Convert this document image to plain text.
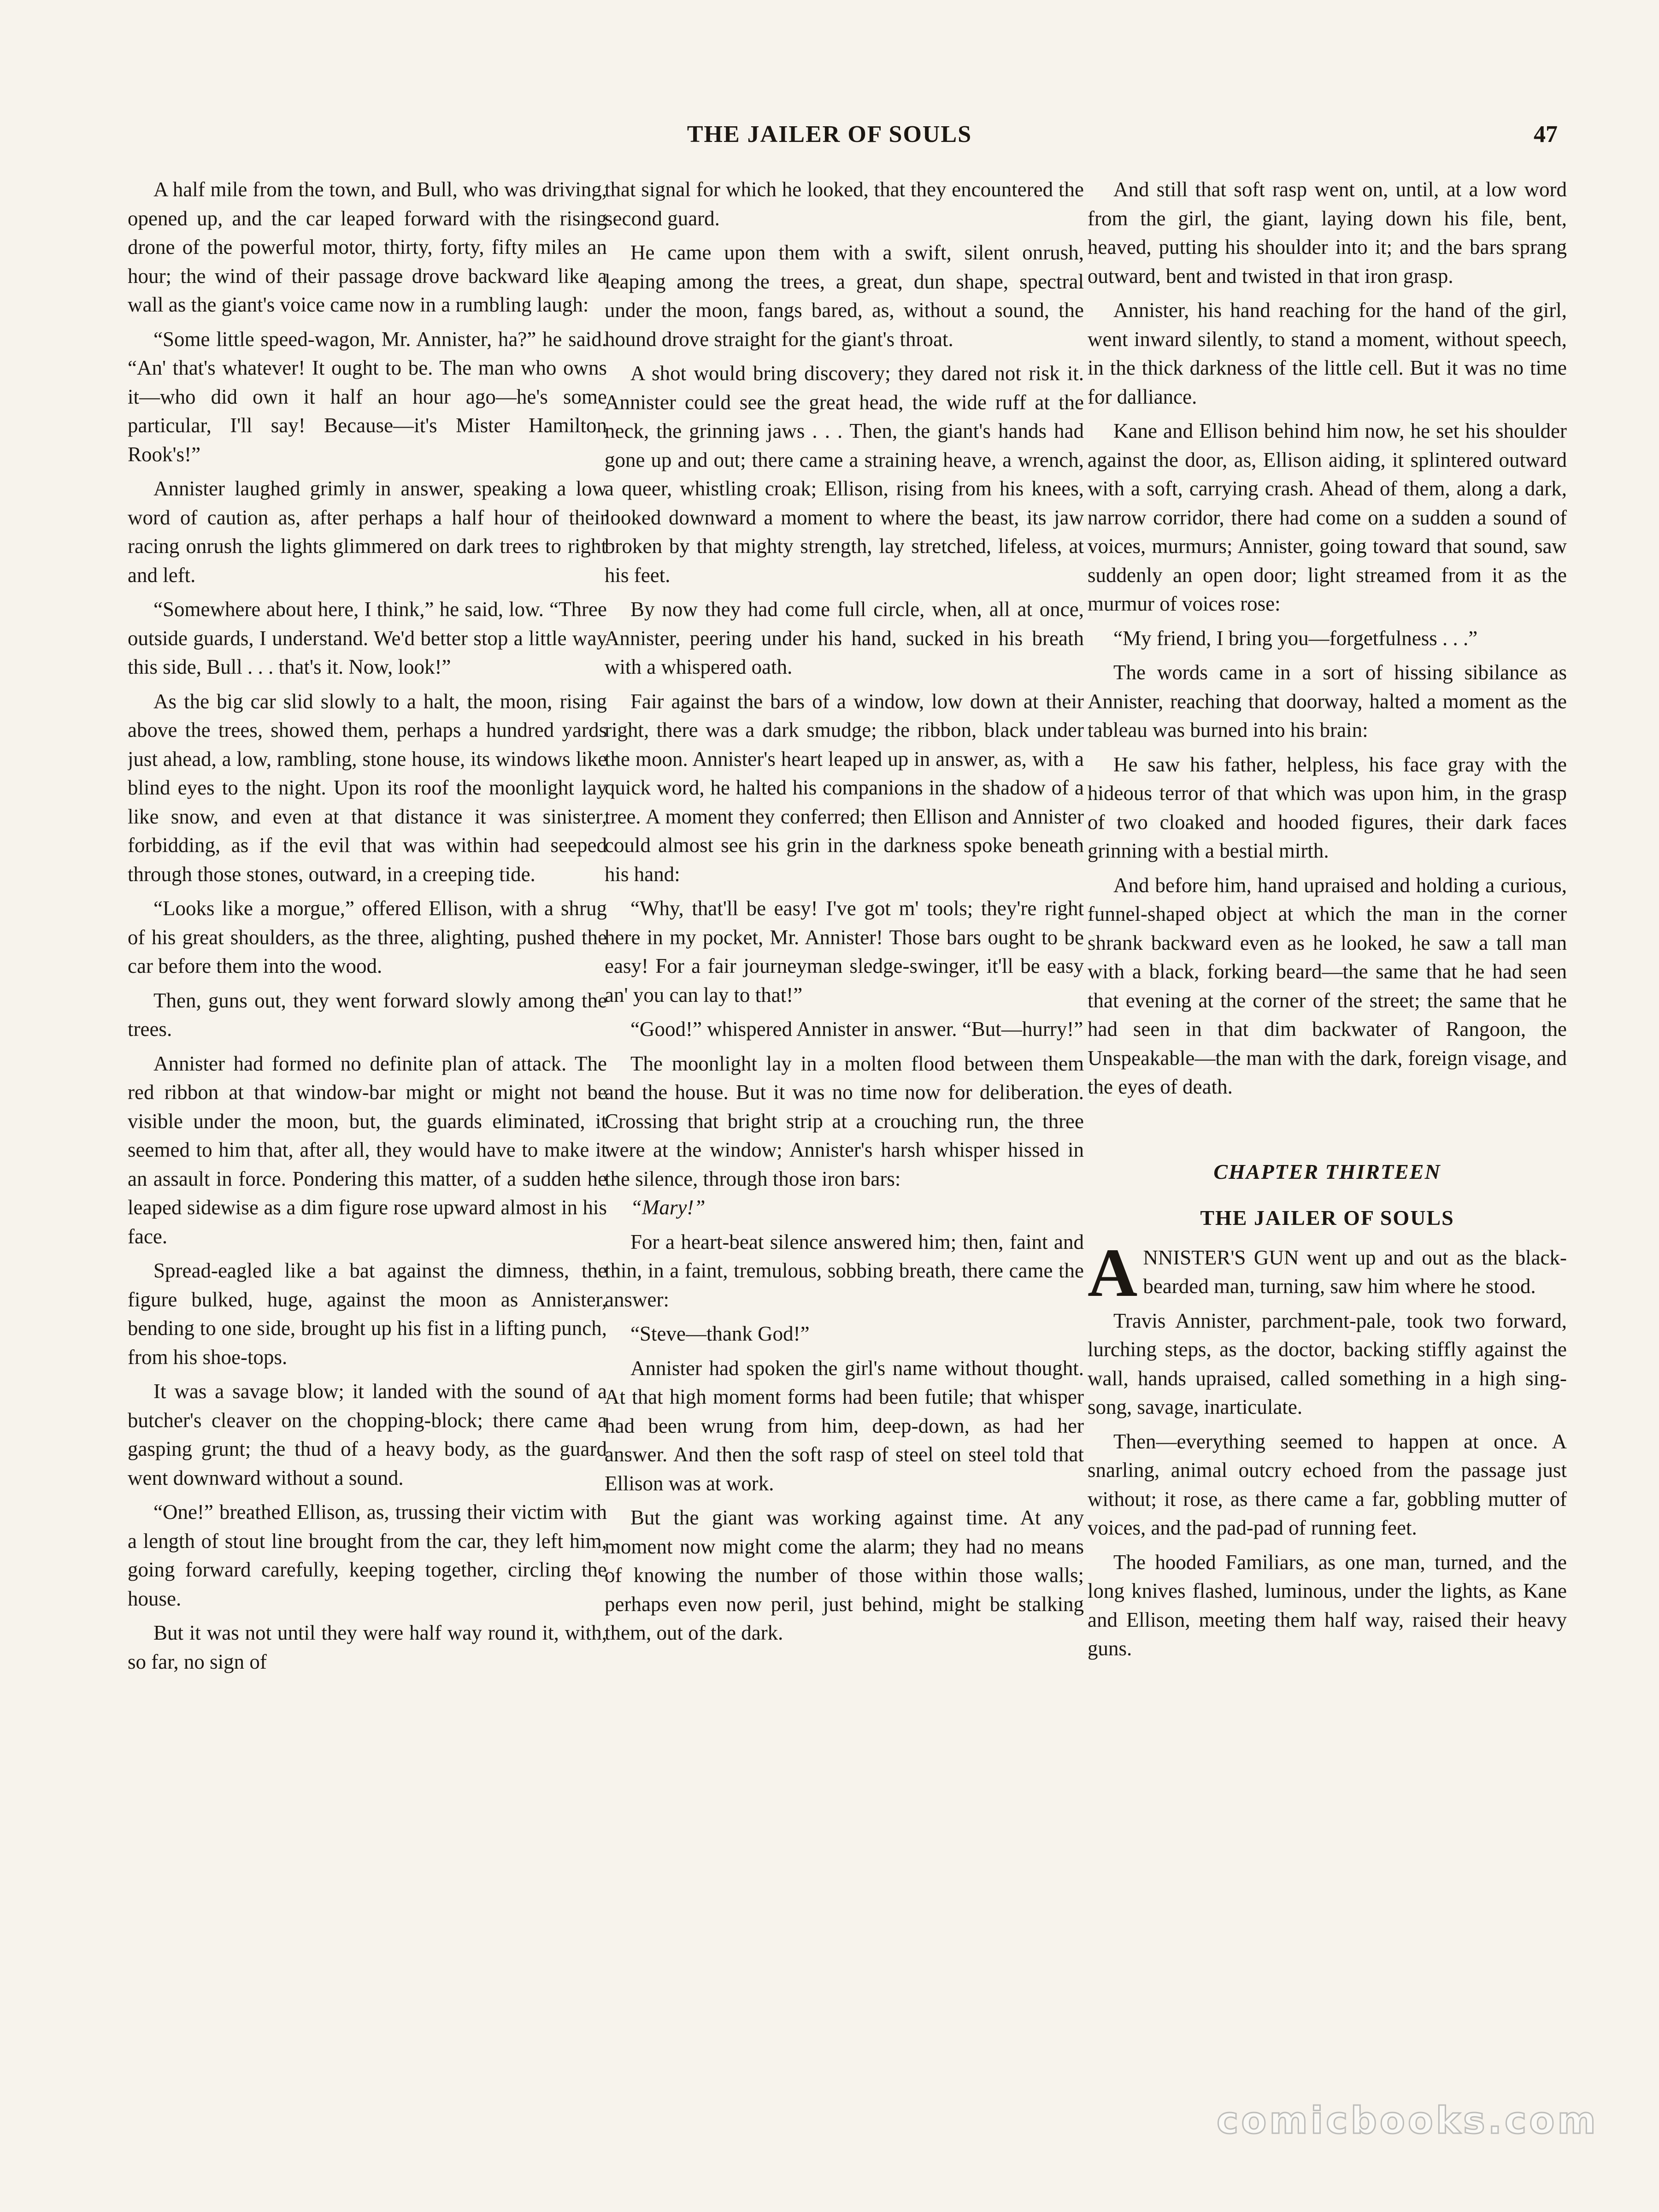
THE JAILER OF SOULS	47

A half mile from the town, and Bull, who was driving, opened up, and the car leaped forward with the rising drone of the powerful motor, thirty, forty, fifty miles an hour; the wind of their passage drove backward like a wall as the giant's voice came now in a rumbling laugh:

“Some little speed-wagon, Mr. Annister, ha?” he said. “An' that's whatever! It ought to be. The man who owns it—who did own it half an hour ago—he's some particular, I'll say! Because—it's Mister Hamilton Rook's!”

Annister laughed grimly in answer, speaking a low word of caution as, after perhaps a half hour of their racing onrush the lights glimmered on dark trees to right and left.

“Somewhere about here, I think,” he said, low. “Three outside guards, I understand. We'd better stop a little way this side, Bull . . . that's it. Now, look!”

As the big car slid slowly to a halt, the moon, rising above the trees, showed them, perhaps a hundred yards just ahead, a low, rambling, stone house, its windows like blind eyes to the night. Upon its roof the moonlight lay like snow, and even at that distance it was sinister, forbidding, as if the evil that was within had seeped through those stones, outward, in a creeping tide.

“Looks like a morgue,” offered Ellison, with a shrug of his great shoulders, as the three, alighting, pushed the car before them into the wood.

Then, guns out, they went forward slowly among the trees.

Annister had formed no definite plan of attack. The red ribbon at that window-bar might or might not be visible under the moon, but, the guards eliminated, it seemed to him that, after all, they would have to make it an assault in force. Pondering this matter, of a sudden he leaped sidewise as a dim figure rose upward almost in his face.

Spread-eagled like a bat against the dimness, the figure bulked, huge, against the moon as Annister, bending to one side, brought up his fist in a lifting punch, from his shoe-tops.

It was a savage blow; it landed with the sound of a butcher's cleaver on the chopping-block; there came a gasping grunt; the thud of a heavy body, as the guard went downward without a sound.

“One!” breathed Ellison, as, trussing their victim with a length of stout line brought from the car, they left him, going forward carefully, keeping together, circling the house.

But it was not until they were half way round it, with, so far, no sign of

that signal for which he looked, that they encountered the second guard.

He came upon them with a swift, silent onrush, leaping among the trees, a great, dun shape, spectral under the moon, fangs bared, as, without a sound, the hound drove straight for the giant's throat.

A shot would bring discovery; they dared not risk it. Annister could see the great head, the wide ruff at the neck, the grinning jaws . . . Then, the giant's hands had gone up and out; there came a straining heave, a wrench, a queer, whistling croak; Ellison, rising from his knees, looked downward a moment to where the beast, its jaw broken by that mighty strength, lay stretched, lifeless, at his feet.

By now they had come full circle, when, all at once, Annister, peering under his hand, sucked in his breath with a whispered oath.

Fair against the bars of a window, low down at their right, there was a dark smudge; the ribbon, black under the moon. Annister's heart leaped up in answer, as, with a quick word, he halted his companions in the shadow of a tree. A moment they conferred; then Ellison and Annister could almost see his grin in the darkness spoke beneath his hand:

“Why, that'll be easy! I've got m' tools; they're right here in my pocket, Mr. Annister! Those bars ought to be easy! For a fair journeyman sledge-swinger, it'll be easy an' you can lay to that!”

“Good!” whispered Annister in answer. “But—hurry!”

The moonlight lay in a molten flood between them and the house. But it was no time now for deliberation. Crossing that bright strip at a crouching run, the three were at the window; Annister's harsh whisper hissed in the silence, through those iron bars:

“Mary!”

For a heart-beat silence answered him; then, faint and thin, in a faint, tremulous, sobbing breath, there came the answer:

“Steve—thank God!”

Annister had spoken the girl's name without thought. At that high moment forms had been futile; that whisper had been wrung from him, deep-down, as had her answer. And then the soft rasp of steel on steel told that Ellison was at work.

But the giant was working against time. At any moment now might come the alarm; they had no means of knowing the number of those within those walls; perhaps even now peril, just behind, might be stalking them, out of the dark.

And still that soft rasp went on, until, at a low word from the girl, the giant, laying down his file, bent, heaved, putting his shoulder into it; and the bars sprang outward, bent and twisted in that iron grasp.

Annister, his hand reaching for the hand of the girl, went inward silently, to stand a moment, without speech, in the thick darkness of the little cell. But it was no time for dalliance.

Kane and Ellison behind him now, he set his shoulder against the door, as, Ellison aiding, it splintered outward with a soft, carrying crash. Ahead of them, along a dark, narrow corridor, there had come on a sudden a sound of voices, murmurs; Annister, going toward that sound, saw suddenly an open door; light streamed from it as the murmur of voices rose:

“My friend, I bring you—forgetfulness . . .”

The words came in a sort of hissing sibilance as Annister, reaching that doorway, halted a moment as the tableau was burned into his brain:

He saw his father, helpless, his face gray with the hideous terror of that which was upon him, in the grasp of two cloaked and hooded figures, their dark faces grinning with a bestial mirth.

And before him, hand upraised and holding a curious, funnel-shaped object at which the man in the corner shrank backward even as he looked, he saw a tall man with a black, forking beard—the same that he had seen that evening at the corner of the street; the same that he had seen in that dim backwater of Rangoon, the Unspeakable—the man with the dark, foreign visage, and the eyes of death.

CHAPTER THIRTEEN
THE JAILER OF SOULS

ANNISTER'S GUN went up and out as the black-bearded man, turning, saw him where he stood.

Travis Annister, parchment-pale, took two forward, lurching steps, as the doctor, backing stiffly against the wall, hands upraised, called something in a high sing-song, savage, inarticulate.

Then—everything seemed to happen at once. A snarling, animal outcry echoed from the passage just without; it rose, as there came a far, gobbling mutter of voices, and the pad-pad of running feet.

The hooded Familiars, as one man, turned, and the long knives flashed, luminous, under the lights, as Kane and Ellison, meeting them half way, raised their heavy guns.

comicbooks.com
